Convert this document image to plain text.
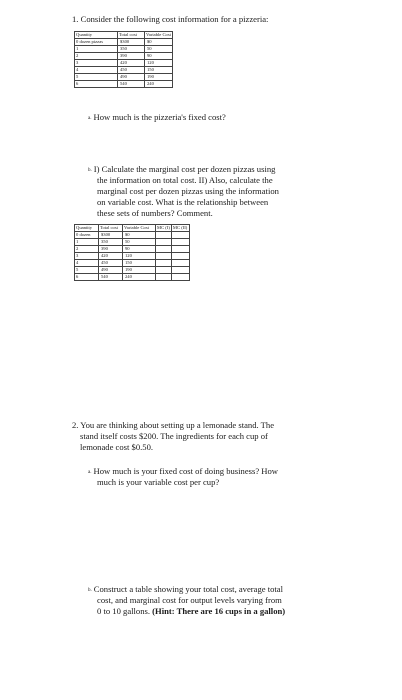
1. Consider the following cost information for a pizzeria:
Quantity	Total cost	Variable Cost
0 dozen pizzas	$300	$0
1	350	50
2	390	90
3	420	120
4	450	150
5	490	190
6	540	240
a. How much is the pizzeria's fixed cost?
b. I) Calculate the marginal cost per dozen pizzas using
the information on total cost. II) Also, calculate the
marginal cost per dozen pizzas using the information
on variable cost. What is the relationship between
these sets of numbers? Comment.
Quantity	Total cost	Variable Cost	MC (I)	MC (II)
0 dozen	$300	$0		
1	350	50		
2	390	90		
3	420	120		
4	450	150		
5	490	190		
6	540	240		
2. You are thinking about setting up a lemonade stand. The
stand itself costs $200. The ingredients for each cup of
lemonade cost $0.50.
a. How much is your fixed cost of doing business? How
much is your variable cost per cup?
b. Construct a table showing your total cost, average total
cost, and marginal cost for output levels varying from
0 to 10 gallons. (Hint: There are 16 cups in a gallon)
